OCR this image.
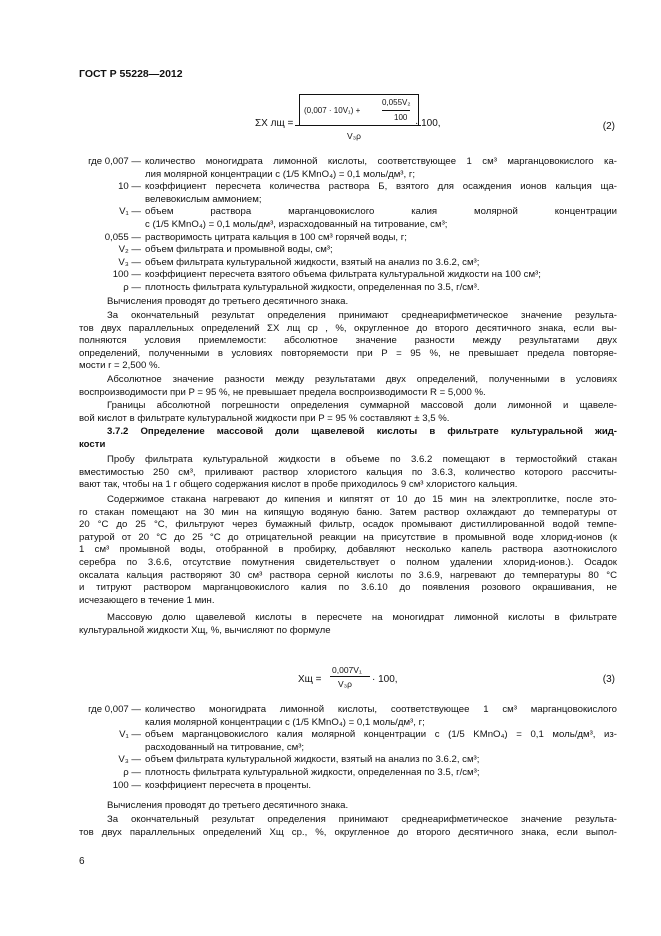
ГОСТ Р 55228—2012
ΣX лщ =
(0,007 · 10V₁) +
0,055V₂
100
V₃ρ
· 100,	(2)
где 0,007 — количество моногидрата лимонной кислоты, соответствующее 1 см³ марганцовокислого ка-
лия молярной концентрации c (1/5 KMnO₄) = 0,1 моль/дм³, г;
10 — коэффициент пересчета количества раствора Б, взятого для осаждения ионов кальция ща-
велевокислым аммонием;
V₁ — объем раствора марганцовокислого калия молярной концентрации
c (1/5 KMnO₄) = 0,1 моль/дм³, израсходованный на титрование, см³;
0,055 — растворимость цитрата кальция в 100 см³ горячей воды, г;
V₂ — объем фильтрата и промывной воды, см³;
V₃ — объем фильтрата культуральной жидкости, взятый на анализ по 3.6.2, см³;
100 — коэффициент пересчета взятого объема фильтрата культуральной жидкости на 100 см³;
ρ — плотность фильтрата культуральной жидкости, определенная по 3.5, г/см³.
Вычисления проводят до третьего десятичного знака.
За окончательный результат определения принимают среднеарифметическое значение результа-
тов двух параллельных определений ΣX лщ ср , %, округленное до второго десятичного знака, если вы-
полняются условия приемлемости: абсолютное значение разности между результатами двух
определений, полученными в условиях повторяемости при P = 95 %, не превышает предела повторяе-
мости r = 2,500 %.
Абсолютное значение разности между результатами двух определений, полученными в условиях
воспроизводимости при P = 95 %, не превышает предела воспроизводимости R = 5,000 %.
Границы абсолютной погрешности определения суммарной массовой доли лимонной и щавеле-
вой кислот в фильтрате культуральной жидкости при P = 95 % составляют ± 3,5 %.
3.7.2 Определение массовой доли щавелевой кислоты в фильтрате культуральной жид-
кости
Пробу фильтрата культуральной жидкости в объеме по 3.6.2 помещают в термостойкий стакан
вместимостью 250 см³, приливают раствор хлористого кальция по 3.6.3, количество которого рассчиты-
вают так, чтобы на 1 г общего содержания кислот в пробе приходилось 9 см³ хлористого кальция.
Содержимое стакана нагревают до кипения и кипятят от 10 до 15 мин на электроплитке, после это-
го стакан помещают на 30 мин на кипящую водяную баню. Затем раствор охлаждают до температуры от
20 °С до 25 °С, фильтруют через бумажный фильтр, осадок промывают дистиллированной водой темпе-
ратурой от 20 °С до 25 °С до отрицательной реакции на присутствие в промывной воде хлорид-ионов (к
1 см³ промывной воды, отобранной в пробирку, добавляют несколько капель раствора азотнокислого
серебра по 3.6.6, отсутствие помутнения свидетельствует о полном удалении хлорид-ионов.). Осадок
оксалата кальция растворяют 30 см³ раствора серной кислоты по 3.6.9, нагревают до температуры 80 °С
и титруют раствором марганцовокислого калия по 3.6.10 до появления розового окрашивания, не
исчезающего в течение 1 мин.
Массовую долю щавелевой кислоты в пересчете на моногидрат лимонной кислоты в фильтрате
культуральной жидкости Xщ, %, вычисляют по формуле
Xщ =
0,007V₁
V₃ρ · 100,	(3)
где 0,007 — количество моногидрата лимонной кислоты, соответствующее 1 см³ марганцовокислого
калия молярной концентрации c (1/5 KMnO₄) = 0,1 моль/дм³, г;
V₁ — объем марганцовокислого калия молярной концентрации c (1/5 KMnO₄) = 0,1 моль/дм³, из-
расходованный на титрование, см³;
V₃ — объем фильтрата культуральной жидкости, взятый на анализ по 3.6.2, см³;
ρ — плотность фильтрата культуральной жидкости, определенная по 3.5, г/см³;
100 — коэффициент пересчета в проценты.
Вычисления проводят до третьего десятичного знака.
За окончательный результат определения принимают среднеарифметическое значение результа-
тов двух параллельных определений Xщ ср., %, округленное до второго десятичного знака, если выпол-
6
